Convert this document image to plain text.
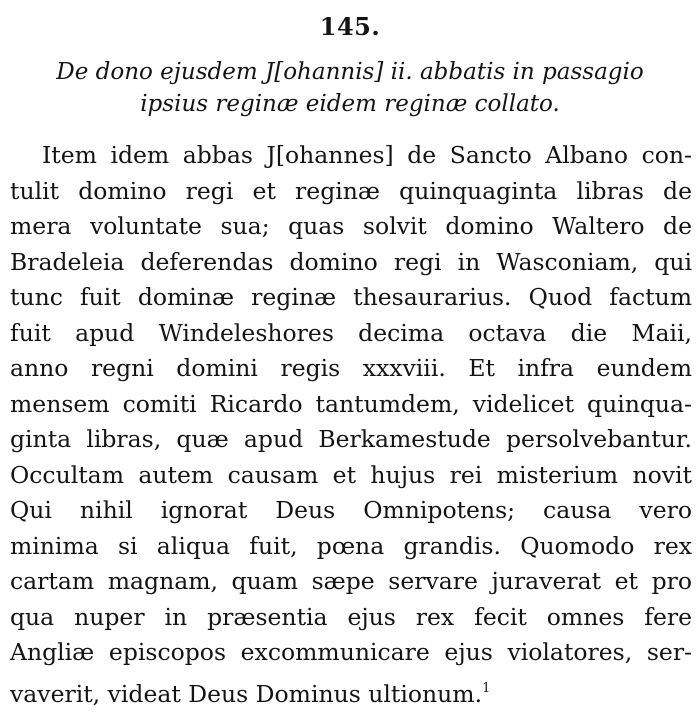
145.
De dono ejusdem J[ohannis] ii. abbatis in passagio
ipsius reginæ eidem reginæ collato.
Item idem abbas J[ohannes] de Sancto Albano con-
tulit domino regi et reginæ quinquaginta libras de
mera voluntate sua; quas solvit domino Waltero de
Bradeleia deferendas domino regi in Wasconiam, qui
tunc fuit dominæ reginæ thesaurarius. Quod factum
fuit apud Windeleshores decima octava die Maii,
anno regni domini regis xxxviii. Et infra eundem
mensem comiti Ricardo tantumdem, videlicet quinqua-
ginta libras, quæ apud Berkamestude persolvebantur.
Occultam autem causam et hujus rei misterium novit
Qui nihil ignorat Deus Omnipotens; causa vero
minima si aliqua fuit, pœna grandis. Quomodo rex
cartam magnam, quam sæpe servare juraverat et pro
qua nuper in præsentia ejus rex fecit omnes fere
Angliæ episcopos excommunicare ejus violatores, ser-
vaverit, videat Deus Dominus ultionum.$^1$
